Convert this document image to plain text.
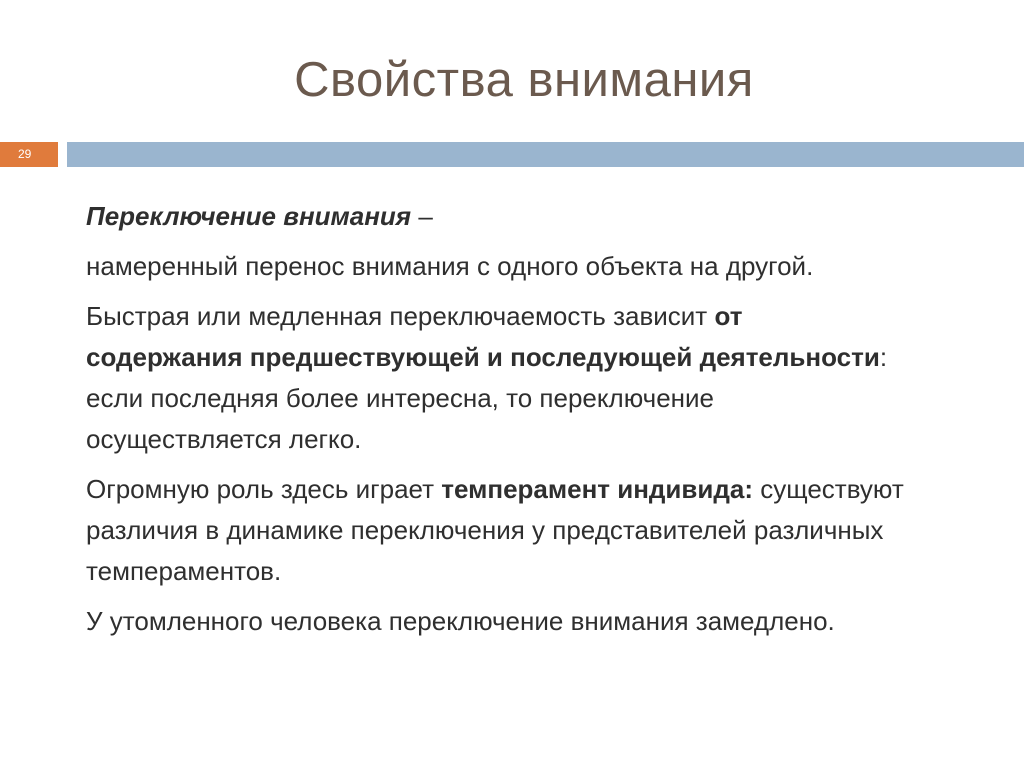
Свойства внимания
29

Переключение внимания –

намеренный перенос внимания с одного объекта на другой.

Быстрая или медленная переключаемость зависит от содержания предшествующей и последующей деятельности: если последняя более интересна, то переключение осуществляется легко.

Огромную роль здесь играет темперамент индивида: существуют различия в динамике переключения у представителей различных темпераментов.

У утомленного человека переключение внимания замедлено.
